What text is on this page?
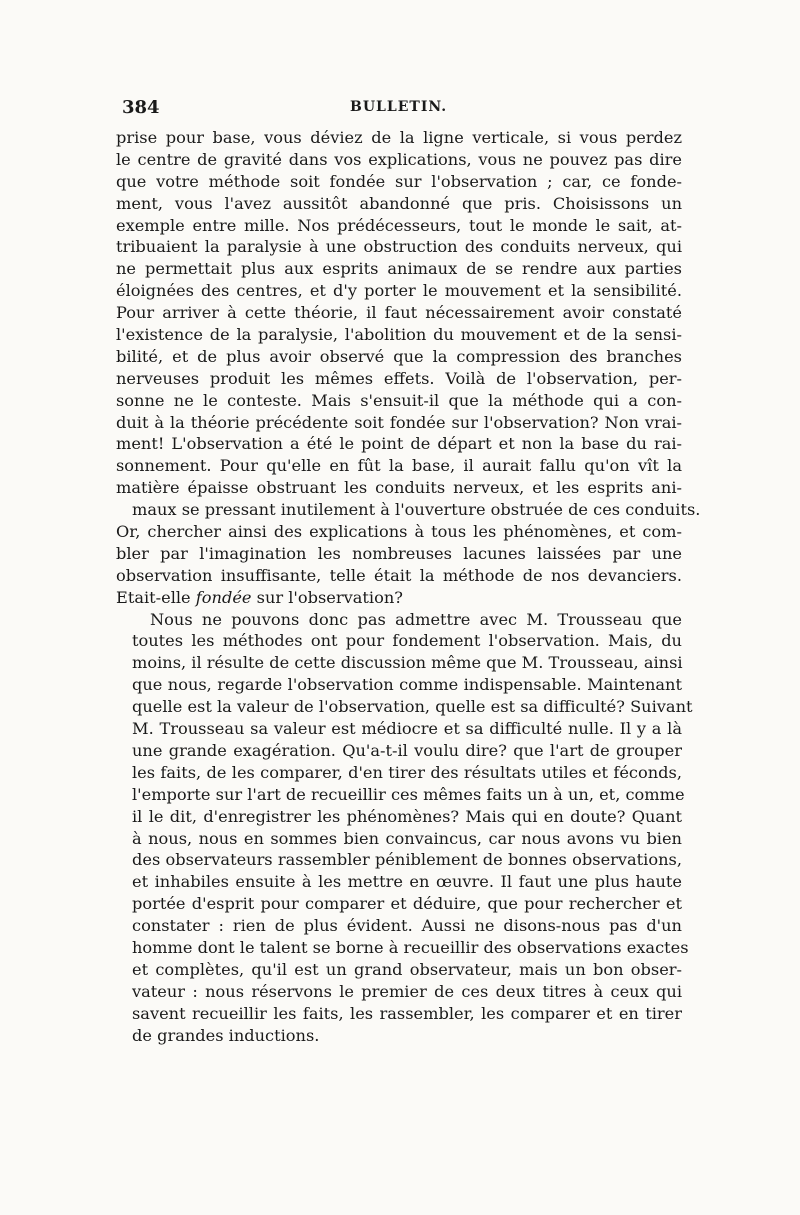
384	BULLETIN.
prise pour base, vous déviez de la ligne verticale, si vous perdez
le centre de gravité dans vos explications, vous ne pouvez pas dire
que votre méthode soit fondée sur l'observation ; car, ce fonde-
ment, vous l'avez aussitôt abandonné que pris. Choisissons un
exemple entre mille. Nos prédécesseurs, tout le monde le sait, at-
tribuaient la paralysie à une obstruction des conduits nerveux, qui
ne permettait plus aux esprits animaux de se rendre aux parties
éloignées des centres, et d'y porter le mouvement et la sensibilité.
Pour arriver à cette théorie, il faut nécessairement avoir constaté
l'existence de la paralysie, l'abolition du mouvement et de la sensi-
bilité, et de plus avoir observé que la compression des branches
nerveuses produit les mêmes effets. Voilà de l'observation, per-
sonne ne le conteste. Mais s'ensuit-il que la méthode qui a con-
duit à la théorie précédente soit fondée sur l'observation? Non vrai-
ment! L'observation a été le point de départ et non la base du rai-
sonnement. Pour qu'elle en fût la base, il aurait fallu qu'on vît la
matière épaisse obstruant les conduits nerveux, et les esprits ani-
maux se pressant inutilement à l'ouverture obstruée de ces conduits.
Or, chercher ainsi des explications à tous les phénomènes, et com-
bler par l'imagination les nombreuses lacunes laissées par une
observation insuffisante, telle était la méthode de nos devanciers.
Etait-elle fondée sur l'observation?
Nous ne pouvons donc pas admettre avec M. Trousseau que
toutes les méthodes ont pour fondement l'observation. Mais, du
moins, il résulte de cette discussion même que M. Trousseau, ainsi
que nous, regarde l'observation comme indispensable. Maintenant
quelle est la valeur de l'observation, quelle est sa difficulté? Suivant
M. Trousseau sa valeur est médiocre et sa difficulté nulle. Il y a là
une grande exagération. Qu'a-t-il voulu dire? que l'art de grouper
les faits, de les comparer, d'en tirer des résultats utiles et féconds,
l'emporte sur l'art de recueillir ces mêmes faits un à un, et, comme
il le dit, d'enregistrer les phénomènes? Mais qui en doute? Quant
à nous, nous en sommes bien convaincus, car nous avons vu bien
des observateurs rassembler péniblement de bonnes observations,
et inhabiles ensuite à les mettre en œuvre. Il faut une plus haute
portée d'esprit pour comparer et déduire, que pour rechercher et
constater : rien de plus évident. Aussi ne disons-nous pas d'un
homme dont le talent se borne à recueillir des observations exactes
et complètes, qu'il est un grand observateur, mais un bon obser-
vateur : nous réservons le premier de ces deux titres à ceux qui
savent recueillir les faits, les rassembler, les comparer et en tirer
de grandes inductions.
